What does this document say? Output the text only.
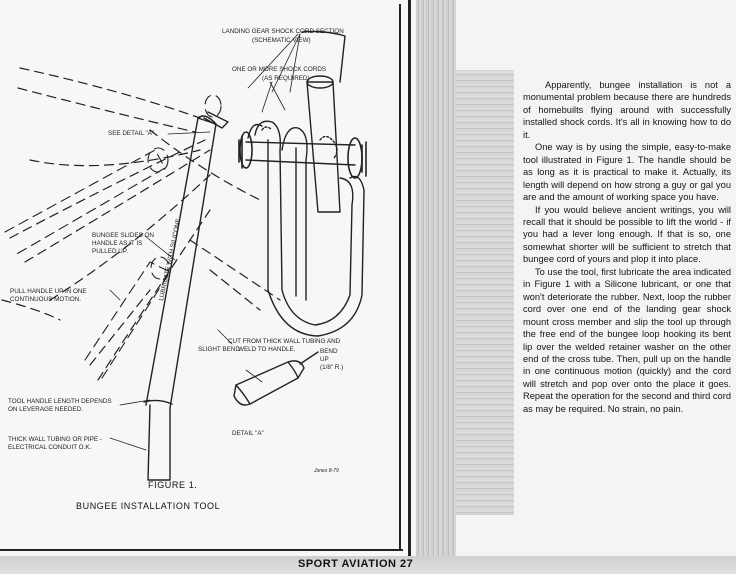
LANDING GEAR SHOCK CORD SECTION
(SCHEMATIC VIEW)
ONE OR MORE SHOCK CORDS
(AS REQUIRED)
SEE DETAIL "A"
BUNGEE SLIDES ON
HANDLE AS IT IS
PULLED UP.
PULL HANDLE UP IN ONE
CONTINUOUS MOTION.	LUBRICATE WITH SILICONE
SLIGHT BEND
CUT FROM THICK WALL TUBING AND
WELD TO HANDLE.	BEND
UP
(1/8" R.)
TOOL HANDLE LENGTH DEPENDS
ON LEVERAGE NEEDED.
THICK WALL TUBING OR PIPE -
ELECTRICAL CONDUIT O.K.
DETAIL "A"
Jones 8-79
FIGURE 1.
BUNGEE INSTALLATION TOOL

Apparently, bungee installation is not a monumental problem because there are hundreds of homebuilts flying around with successfully installed shock cords. It's all in knowing how to do it.

One way is by using the simple, easy-to-make tool illustrated in Figure 1. The handle should be as long as it is practical to make it. Actually, its length will depend on how strong a guy or gal you are and the amount of working space you have.

If you would believe ancient writings, you will recall that it should be possible to lift the world - if you had a lever long enough. If that is so, one somewhat shorter will be sufficient to stretch that bungee cord of yours and plop it into place.

To use the tool, first lubricate the area indicated in Figure 1 with a Silicone lubricant, or one that won't deteriorate the rubber. Next, loop the rubber cord over one end of the landing gear shock mount cross member and slip the tool up through the free end of the bungee loop hooking its bent lip over the welded retainer washer on the other end of the cross tube. Then, pull up on the handle in one continuous motion (quickly) and the cord will stretch and pop over onto the place it goes. Repeat the operation for the second and third cord as may be required. No strain, no pain.

SPORT AVIATION 27
